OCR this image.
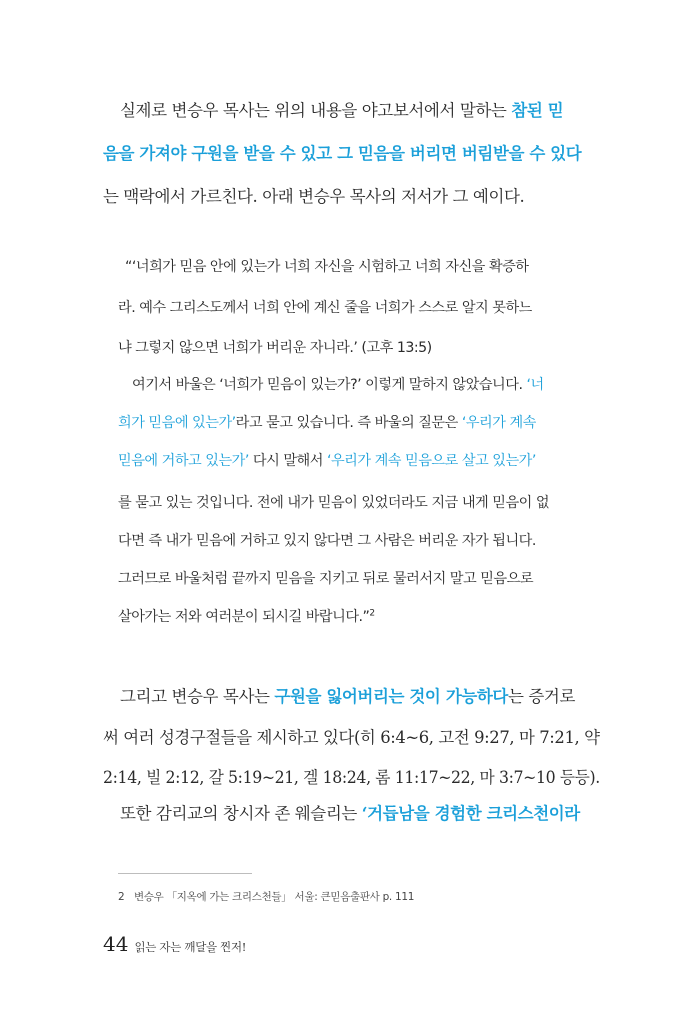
실제로 변승우 목사는 위의 내용을 야고보서에서 말하는 참된 믿
음을 가져야 구원을 받을 수 있고 그 믿음을 버리면 버림받을 수 있다
는 맥락에서 가르친다. 아래 변승우 목사의 저서가 그 예이다.
“‘너희가 믿음 안에 있는가 너희 자신을 시험하고 너희 자신을 확증하
라. 예수 그리스도께서 너희 안에 계신 줄을 너희가 스스로 알지 못하느
냐 그렇지 않으면 너희가 버리운 자니라.’ (고후 13:5)
여기서 바울은 ‘너희가 믿음이 있는가?’ 이렇게 말하지 않았습니다. ‘너
희가 믿음에 있는가’라고 묻고 있습니다. 즉 바울의 질문은 ‘우리가 계속
믿음에 거하고 있는가’ 다시 말해서 ‘우리가 계속 믿음으로 살고 있는가’
를 묻고 있는 것입니다. 전에 내가 믿음이 있었더라도 지금 내게 믿음이 없
다면 즉 내가 믿음에 거하고 있지 않다면 그 사람은 버리운 자가 됩니다.
그러므로 바울처럼 끝까지 믿음을 지키고 뒤로 물러서지 말고 믿음으로
살아가는 저와 여러분이 되시길 바랍니다.”$^2$
그리고 변승우 목사는 구원을 잃어버리는 것이 가능하다는 증거로
써 여러 성경구절들을 제시하고 있다(히 6:4~6, 고전 9:27, 마 7:21, 약
2:14, 빌 2:12, 갈 5:19~21, 겔 18:24, 롬 11:17~22, 마 3:7~10 등등).
또한 감리교의 창시자 존 웨슬리는 ‘거듭남을 경험한 크리스천이라
2 변승우 「지옥에 가는 크리스천들」 서울: 큰믿음출판사 p. 111
44 읽는 자는 깨달을 찐저!
